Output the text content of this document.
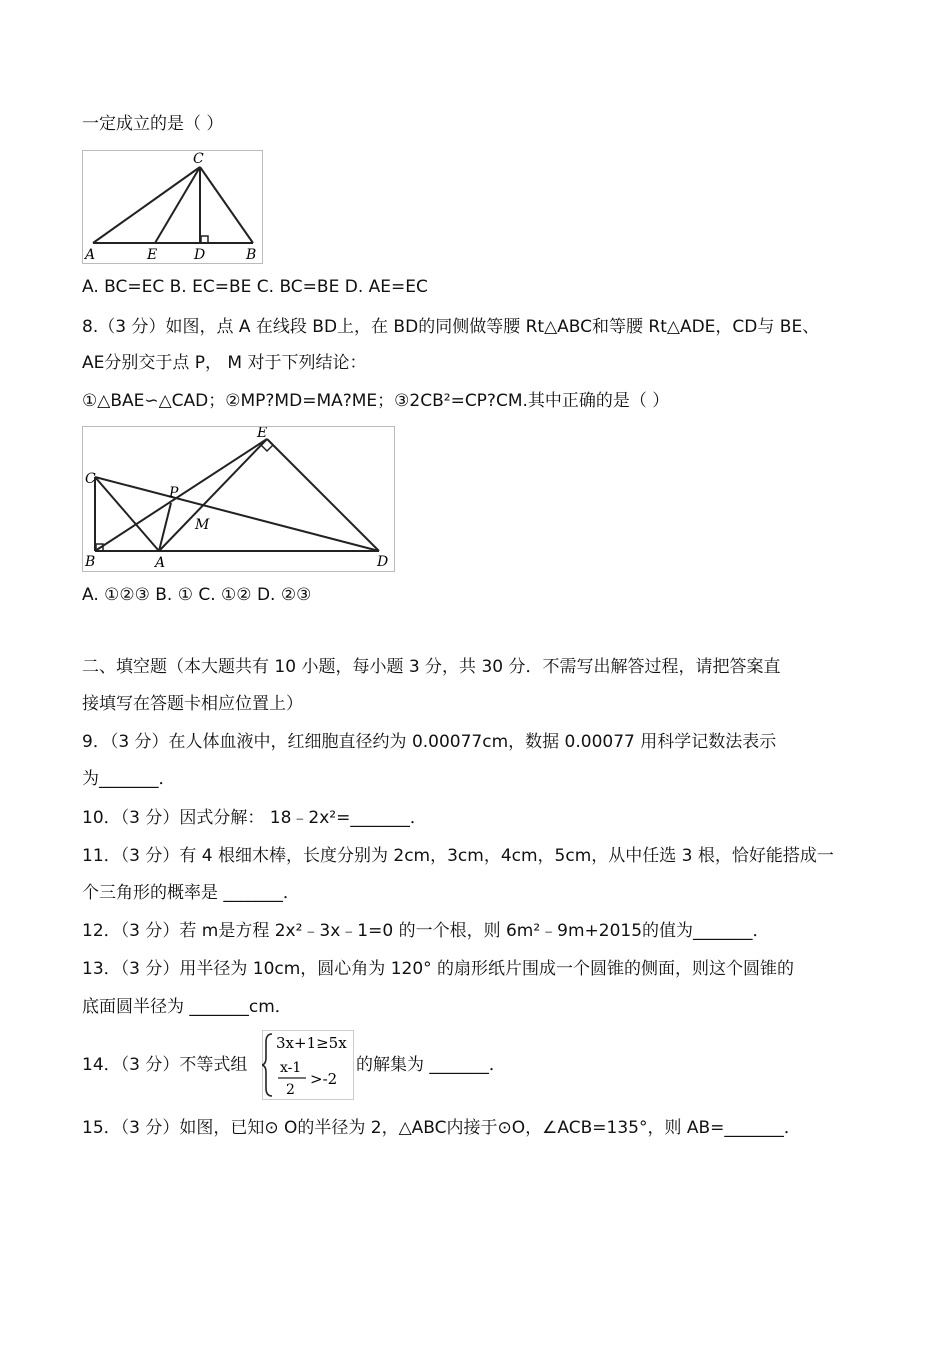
一定成立的是（ ）
C
A	E	D	B
A. BC=EC B. EC=BE C. BC=BE D. AE=EC
8.（3 分）如图，点 A 在线段 BD上，在 BD的同侧做等腰 Rt△ABC和等腰 Rt△ADE，CD与 BE、
AE分别交于点 P， M 对于下列结论：
①△BAE∽△CAD；②MP?MD=MA?ME；③2CB²=CP?CM.其中正确的是（ ）
C
B	A
P
M
E
D
A. ①②③ B. ① C. ①② D. ②③
二、填空题（本大题共有 10 小题，每小题 3 分，共 30 分．不需写出解答过程，请把答案直
接填写在答题卡相应位置上）
9．（3 分）在人体血液中，红细胞直径约为 0.00077cm，数据 0.00077 用科学记数法表示
为_______．
10．（3 分）因式分解： 18﹣2x²=_______．
11．（3 分）有 4 根细木棒，长度分别为 2cm，3cm，4cm，5cm，从中任选 3 根，恰好能搭成一
个三角形的概率是 _______．
12．（3 分）若 m是方程 2x²﹣3x﹣1=0 的一个根，则 6m²﹣9m+2015的值为_______．
13．（3 分）用半径为 10cm，圆心角为 120° 的扇形纸片围成一个圆锥的侧面，则这个圆锥的
底面圆半径为 _______cm．
14．（3 分）不等式组
3x+1≥5x
x-1
2
>-2
的解集为 _______．
15．（3 分）如图，已知⊙ O的半径为 2，△ABC内接于⊙O，∠ACB=135°，则 AB=_______．
